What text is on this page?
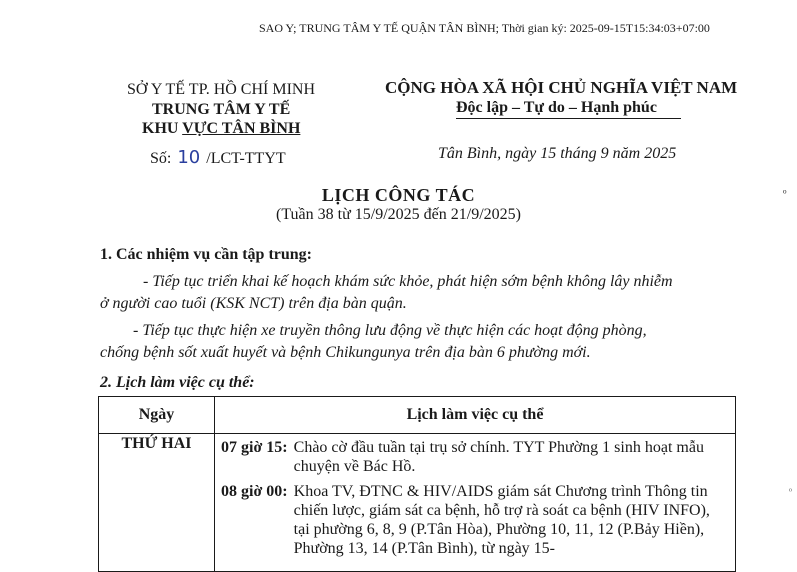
SAO Y; TRUNG TÂM Y TẾ QUẬN TÂN BÌNH; Thời gian ký: 2025-09-15T15:34:03+07:00
SỞ Y TẾ TP. HỒ CHÍ MINH
TRUNG TÂM Y TẾ
KHU VỰC TÂN BÌNH
Số: 10 /LCT-TTYT
CỘNG HÒA XÃ HỘI CHỦ NGHĨA VIỆT NAM
Độc lập – Tự do – Hạnh phúc
Tân Bình, ngày 15 tháng 9 năm 2025
LỊCH CÔNG TÁC
(Tuần 38 từ 15/9/2025 đến 21/9/2025)
1. Các nhiệm vụ cần tập trung:
- Tiếp tục triển khai kế hoạch khám sức khỏe, phát hiện sớm bệnh không lây nhiễm
ở người cao tuổi (KSK NCT) trên địa bàn quận.
- Tiếp tục thực hiện xe truyền thông lưu động về thực hiện các hoạt động phòng,
chống bệnh sốt xuất huyết và bệnh Chikungunya trên địa bàn 6 phường mới.
2. Lịch làm việc cụ thể:
ᵒ
ᵒ
Ngày	Lịch làm việc cụ thể
THỨ HAI	07 giờ 15: Chào cờ đầu tuần tại trụ sở chính. TYT Phường 1 sinh hoạt mẫu chuyện về Bác Hồ.
08 giờ 00: Khoa TV, ĐTNC & HIV/AIDS giám sát Chương trình Thông tin chiến lược, giám sát ca bệnh, hỗ trợ rà soát ca bệnh (HIV INFO), tại phường 6, 8, 9 (P.Tân Hòa), Phường 10, 11, 12 (P.Bảy Hiền), Phường 13, 14 (P.Tân Bình), từ ngày 15-
